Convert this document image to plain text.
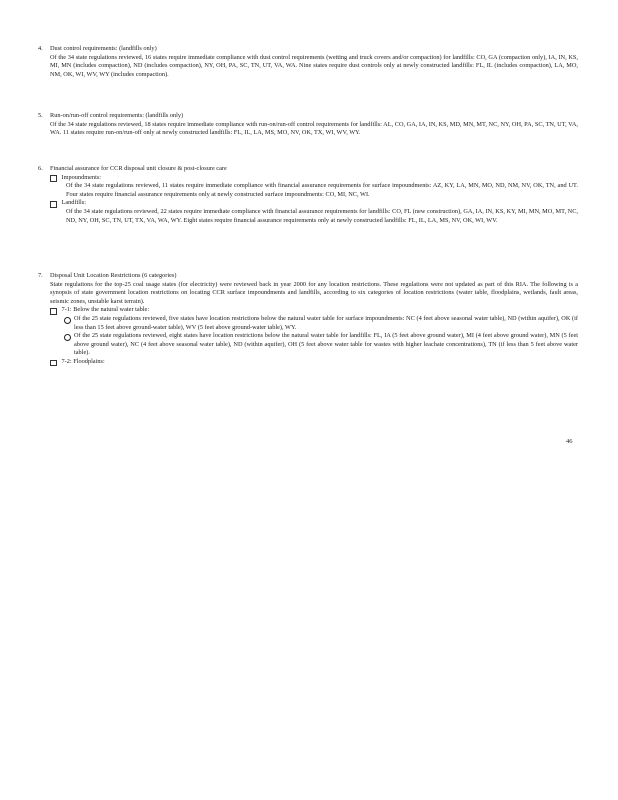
4.	Dust control requirements: (landfills only)
Of the 34 state regulations reviewed, 16 states require immediate compliance with dust control requirements (wetting and truck covers and/or compaction) for landfills: CO, GA (compaction only), IA, IN, KS, MI, MN (includes compaction), ND (includes compaction), NY, OH, PA, SC, TN, UT, VA, WA. Nine states require dust controls only at newly constructed landfills: FL, IL (includes compaction), LA, MO, NM, OK, WI, WV, WY (includes compaction).
5.	Run-on/run-off control requirements: (landfills only)
Of the 34 state regulations reviewed, 18 states require immediate compliance with run-on/run-off control requirements for landfills: AL, CO, GA, IA, IN, KS, MD, MN, MT, NC, NY, OH, PA, SC, TN, UT, VA, WA. 11 states require run-on/run-off only at newly constructed landfills: FL, IL, LA, MS, MO, NV, OK, TX, WI, WV, WY.
6.	Financial assurance for CCR disposal unit closure & post-closure care
Impoundments:
Of the 34 state regulations reviewed, 11 states require immediate compliance with financial assurance requirements for surface impoundments: AZ, KY, LA, MN, MO, ND, NM, NV, OK, TN, and UT. Four states require financial assurance requirements only at newly constructed surface impoundments: CO, MI, NC, WI.
Landfills:
Of the 34 state regulations reviewed, 22 states require immediate compliance with financial assurance requirements for landfills: CO, FL (new construction), GA, IA, IN, KS, KY, MI, MN, MO, MT, NC, ND, NY, OH, SC, TN, UT, TX, VA, WA, WY. Eight states require financial assurance requirements only at newly constructed landfills: FL, IL, LA, MS, NV, OK, WI, WV.
7.	Disposal Unit Location Restrictions (6 categories)
State regulations for the top-25 coal usage states (for electricity) were reviewed back in year 2000 for any location restrictions. These regulations were not updated as part of this RIA. The following is a synopsis of state government location restrictions on locating CCR surface impoundments and landfills, according to six categories of location restrictions (water table, floodplains, wetlands, fault areas, seismic zones, unstable karst terrain).
7-1: Below the natural water table:
Of the 25 state regulations reviewed, five states have location restrictions below the natural water table for surface impoundments: NC (4 feet above seasonal water table), ND (within aquifer), OK (if less than 15 feet above ground-water table), WV (5 feet above ground-water table), WY.
Of the 25 state regulations reviewed, eight states have location restrictions below the natural water table for landfills: FL, IA (5 feet above ground water), MI (4 feet above ground water), MN (5 feet above ground water), NC (4 feet above seasonal water table), ND (within aquifer), OH (5 feet above water table for wastes with higher leachate concentrations), TN (if less than 5 feet above water table).
7-2: Floodplains:
46
